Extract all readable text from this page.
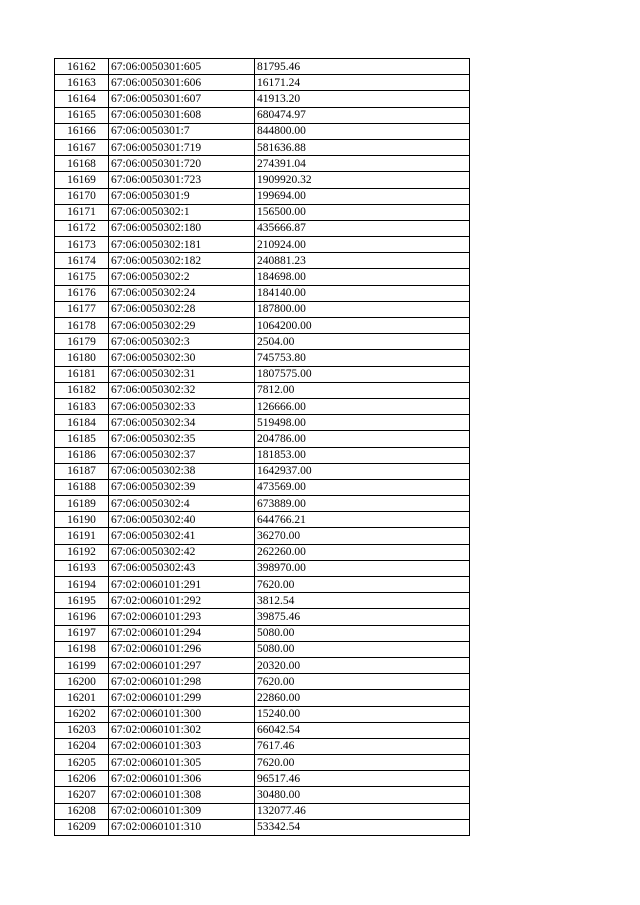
16162	67:06:0050301:605	81795.46
16163	67:06:0050301:606	16171.24
16164	67:06:0050301:607	41913.20
16165	67:06:0050301:608	680474.97
16166	67:06:0050301:7	844800.00
16167	67:06:0050301:719	581636.88
16168	67:06:0050301:720	274391.04
16169	67:06:0050301:723	1909920.32
16170	67:06:0050301:9	199694.00
16171	67:06:0050302:1	156500.00
16172	67:06:0050302:180	435666.87
16173	67:06:0050302:181	210924.00
16174	67:06:0050302:182	240881.23
16175	67:06:0050302:2	184698.00
16176	67:06:0050302:24	184140.00
16177	67:06:0050302:28	187800.00
16178	67:06:0050302:29	1064200.00
16179	67:06:0050302:3	2504.00
16180	67:06:0050302:30	745753.80
16181	67:06:0050302:31	1807575.00
16182	67:06:0050302:32	7812.00
16183	67:06:0050302:33	126666.00
16184	67:06:0050302:34	519498.00
16185	67:06:0050302:35	204786.00
16186	67:06:0050302:37	181853.00
16187	67:06:0050302:38	1642937.00
16188	67:06:0050302:39	473569.00
16189	67:06:0050302:4	673889.00
16190	67:06:0050302:40	644766.21
16191	67:06:0050302:41	36270.00
16192	67:06:0050302:42	262260.00
16193	67:06:0050302:43	398970.00
16194	67:02:0060101:291	7620.00
16195	67:02:0060101:292	3812.54
16196	67:02:0060101:293	39875.46
16197	67:02:0060101:294	5080.00
16198	67:02:0060101:296	5080.00
16199	67:02:0060101:297	20320.00
16200	67:02:0060101:298	7620.00
16201	67:02:0060101:299	22860.00
16202	67:02:0060101:300	15240.00
16203	67:02:0060101:302	66042.54
16204	67:02:0060101:303	7617.46
16205	67:02:0060101:305	7620.00
16206	67:02:0060101:306	96517.46
16207	67:02:0060101:308	30480.00
16208	67:02:0060101:309	132077.46
16209	67:02:0060101:310	53342.54
